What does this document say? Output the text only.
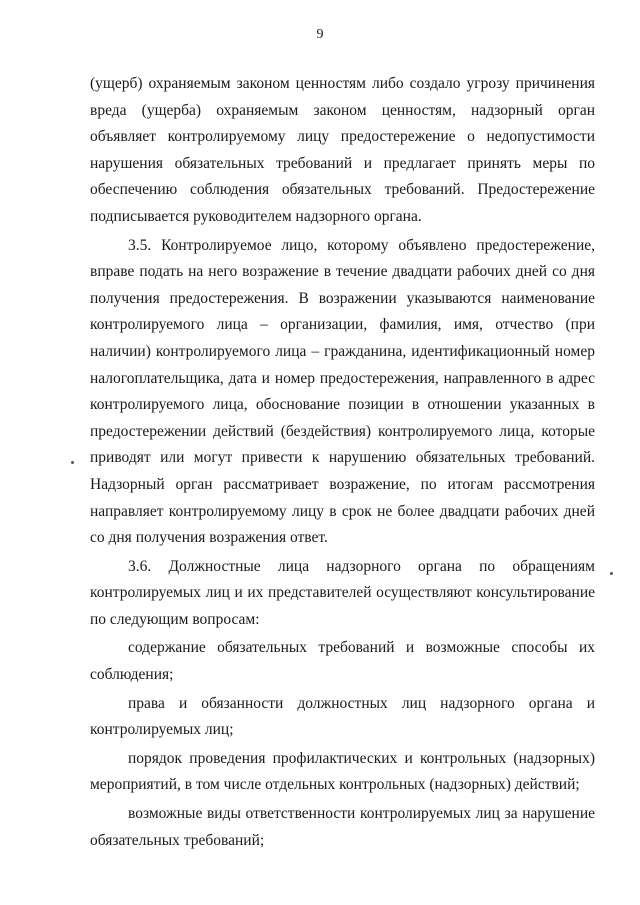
9

(ущерб) охраняемым законом ценностям либо создало угрозу причинения вреда (ущерба) охраняемым законом ценностям, надзорный орган объявляет контролируемому лицу предостережение о недопустимости нарушения обязательных требований и предлагает принять меры по обеспечению соблюдения обязательных требований. Предостережение подписывается руководителем надзорного органа.

3.5. Контролируемое лицо, которому объявлено предостережение, вправе подать на него возражение в течение двадцати рабочих дней со дня получения предостережения. В возражении указываются наименование контролируемого лица – организации, фамилия, имя, отчество (при наличии) контролируемого лица – гражданина, идентификационный номер налогоплательщика, дата и номер предостережения, направленного в адрес контролируемого лица, обоснование позиции в отношении указанных в предостережении действий (бездействия) контролируемого лица, которые приводят или могут привести к нарушению обязательных требований. Надзорный орган рассматривает возражение, по итогам рассмотрения направляет контролируемому лицу в срок не более двадцати рабочих дней со дня получения возражения ответ.

3.6. Должностные лица надзорного органа по обращениям контролируемых лиц и их представителей осуществляют консультирование по следующим вопросам:

содержание обязательных требований и возможные способы их соблюдения;

права и обязанности должностных лиц надзорного органа и контролируемых лиц;

порядок проведения профилактических и контрольных (надзорных) мероприятий, в том числе отдельных контрольных (надзорных) действий;

возможные виды ответственности контролируемых лиц за нарушение обязательных требований;
